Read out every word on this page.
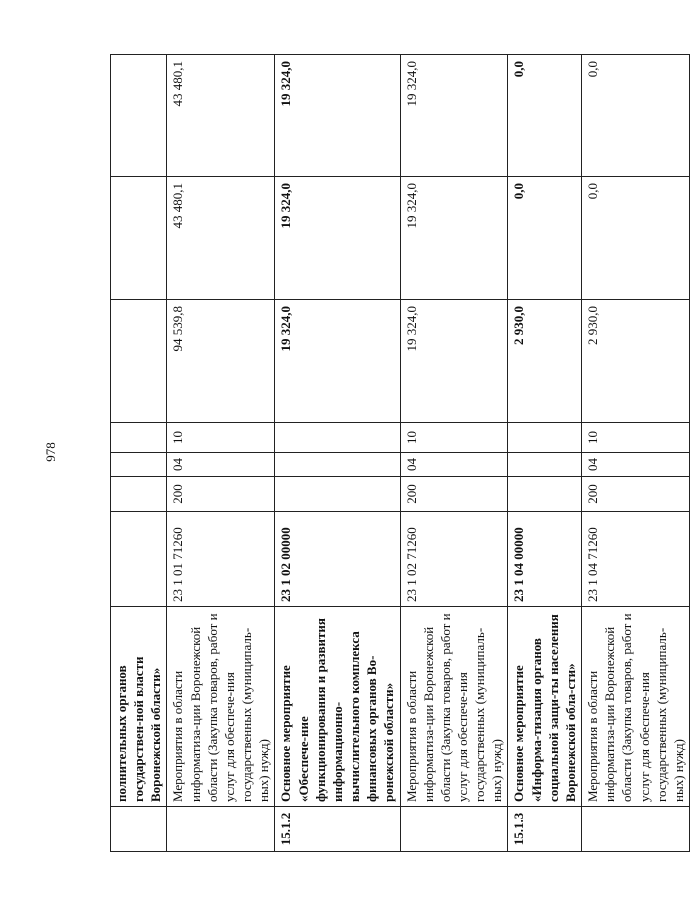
978
	полнительных органов государствен-ной власти Воронежской области»							
	Мероприятия в области информатиза-ции Воронежской области (Закупка товаров, работ и услуг для обеспече-ния государственных (муниципаль-ных) нужд)	23 1 01 71260	200	04	10	94 539,8	43 480,1	43 480,1
15.1.2	Основное мероприятие «Обеспече-ние функционирования и развития информационно-вычислительного комплекса финансовых органов Во-ронежской области»	23 1 02 00000				19 324,0	19 324,0	19 324,0
	Мероприятия в области информатиза-ции Воронежской области (Закупка товаров, работ и услуг для обеспече-ния государственных (муниципаль-ных) нужд)	23 1 02 71260	200	04	10	19 324,0	19 324,0	19 324,0
15.1.3	Основное мероприятие «Информа-тизация органов социальной защи-ты населения Воронежской обла-сти»	23 1 04 00000				2 930,0	0,0	0,0
	Мероприятия в области информатиза-ции Воронежской области (Закупка товаров, работ и услуг для обеспече-ния государственных (муниципаль-ных) нужд)	23 1 04 71260	200	04	10	2 930,0	0,0	0,0
